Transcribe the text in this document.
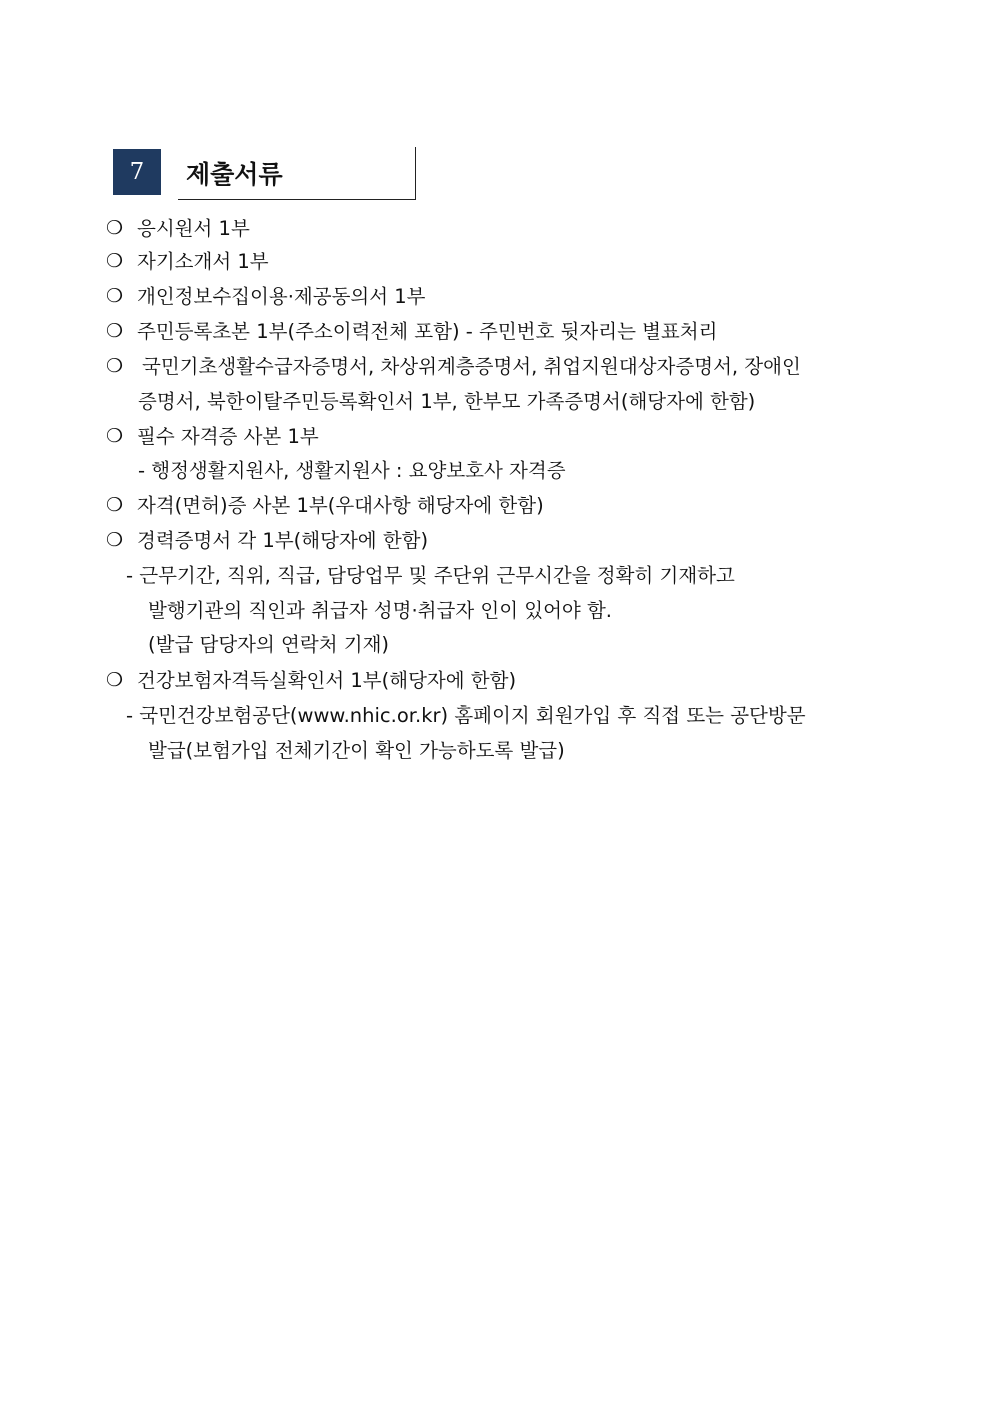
7	제출서류
❍ 응시원서 1부
❍ 자기소개서 1부
❍ 개인정보수집이용·제공동의서 1부
❍ 주민등록초본 1부(주소이력전체 포함) - 주민번호 뒷자리는 별표처리
❍ 국민기초생활수급자증명서, 차상위계층증명서, 취업지원대상자증명서, 장애인
증명서, 북한이탈주민등록확인서 1부, 한부모 가족증명서(해당자에 한함)
❍ 필수 자격증 사본 1부
- 행정생활지원사, 생활지원사 : 요양보호사 자격증
❍ 자격(면허)증 사본 1부(우대사항 해당자에 한함)
❍ 경력증명서 각 1부(해당자에 한함)
- 근무기간, 직위, 직급, 담당업무 및 주단위 근무시간을 정확히 기재하고
발행기관의 직인과 취급자 성명·취급자 인이 있어야 함.
(발급 담당자의 연락처 기재)
❍ 건강보험자격득실확인서 1부(해당자에 한함)
- 국민건강보험공단(www.nhic.or.kr) 홈페이지 회원가입 후 직접 또는 공단방문
발급(보험가입 전체기간이 확인 가능하도록 발급)
